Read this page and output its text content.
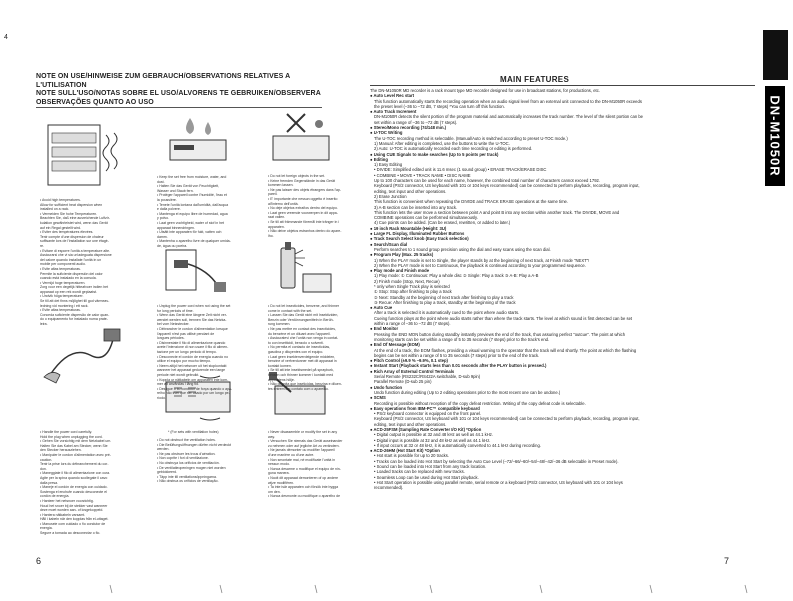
4
6	7
DN-M1050R
NOTE ON USE/HINWEISE ZUM GEBRAUCH/OBSERVATIONS RELATIVES A L'UTILISATION
NOTE SULL'USO/NOTAS SOBRE EL USO/ALVORENS TE GEBRUIKEN/OBSERVERA
OBSERVAÇÕES QUANTO AO USO
• Avoid high temperatures.
Allow for sufficient heat dispersion when
installed on a rack.
• Vermeiden Sie hohe Temperaturen.
Beachten Sie, daß eine ausreichende Luftzir-
kulation gewährleistet wird, wenn das Gerät
auf ein Regal gestellt wird.
• Eviter des températures élevées.
Tenir compte d'une dispersion de chaleur
suffisante lors de l'installation sur une étagè-
re.
• Evitare di esporre l'unità a temperature alte.
Assicurarsi che vi sia un'adeguata dispersione
del calore quando installate l'unità in un
mobile per componenti audio.
• Evite altas temperaturas.
Permite la suficiente dispersión del calor
cuando está instalado en la consola.
• Vermijd hoge temperaturen.
Zorg voor een degelijk hitteafvoer indien het
apparaat op een rek wordt geplaatst.
• Undvik höga temperaturer.
Se till att det finns möjlighet till god värmeav-
ledning vid montering i ett rack.
• Evite altas temperaturas.
Conceda suficiente dispersão de calor quan-
do o equipamento for instalado numa prate-
leira.
• Handle the power cord carefully.
Hold the plug when unplugging the cord.
• Gehen Sie vorsichtig mit dem Netzkabel um.
Halten Sie das Kabel am Stecker, wenn Sie
den Stecker herausziehen.
• Manipuler le cordon d'alimentation avec pré-
caution.
Tenir la prise lors du débranchement du cor-
don.
• Maneggiate il filo di alimentazione con cura.
Agite per la spina quando scollegate il cavo
dalla presa.
• Maneje el cordón de energía con cuidado.
Sostenga el enchufe cuando desconecte el
cordón de energía.
• Hanteer het netsnoer voorzichtig.
Houd het snoer bij de stekker vast wanneer
deze moet worden aan- of losgekoppeld.
• Hantera nätkabeln varsamt.
Håll i kabeln när den kopplas från el-uttaget.
• Manuseie com cuidado o fio condutor de
energia.
Segure a tomada ao desconectar o fio.
• Keep the set free from moisture, water, and
dust.
• Halten Sie das Gerät von Feuchtigkeit,
Wasser und Staub fern.
• Protéger l'appareil contre l'humidité, l'eau et
la poussière.
• Tenete l'unità lontana dall'umidità, dall'acqua
e dalla polvere.
• Mantenga el equipo libre de humedad, agua
y polvo.
• Laat geen vochtigheid, water of stof in het
apparaat binnendringen.
• Utsätt inte apparaten för fukt, vatten och
damm.
• Mantenha o aparelho livre de qualquer umida-
de, água ou poeira.
• Unplug the power cord when not using the set
for long periods of time.
• Wenn das Gerät eine längere Zeit nicht ver-
wendet werden soll, trennen Sie das Netzka-
bel vom Netzstecker.
• Débrancher le cordon d'alimentation lorsque
l'appareil n'est pas utilisé pendant de
longues périodes.
• Disinnestate il filo di alimentazione quando
avete l'intenzione di non usare il filo di alimen-
tazione per un lungo periodo di tempo.
• Desconecte el cordón de energía cuando no
utilice el equipo por mucho tiempo.
• Neem altijd het netsnoer uit het stopkontakt
wanneer het apparaat gedurende een lange
periode niet wordt gebruikt.
• Koppla ur nätkabeln om apparaten inte kom-
mer att användas i lång tid.
• Desligue o fio condutor de força quando o apa-
relho não tiver que ser usado por um longo pe-
ríodo.
* (For sets with ventilation holes)
• Do not obstruct the ventilation holes.
• Die Belüftungsöffnungen dürfen nicht verdeckt
werden.
• Ne pas obstruer les trous d'aération.
• Non coprite i fori di ventilazione.
• No obstruya los orificios de ventilación.
• De ventilatieopeningen mogen niet worden
geblokkeerd.
• Täpp inte till ventilationsöppningarna.
• Não obstrua os orifícios de ventilação.
• Do not let foreign objects in the set.
• Keine fremden Gegenstände in das Gerät
kommen lassen.
• Ne pas laisser des objets étrangers dans l'ap-
pareil.
• E' importante che nessun oggetto è inserito
all'interno dell'unità.
• No deje objetos extraños dentro del equipo.
• Laat geen vreemde voorwerpen in dit appa-
raat vallen.
• Se till att främmande föremål inte tränger in i
apparaten.
• Não deixe objetos estranhos dentro do apare-
lho.
• Do not let insecticides, benzene, and thinner
come in contact with the set.
• Lassen Sie das Gerät nicht mit Insektiziden,
Benzin oder Verdünnungsmitteln in Berüh-
rung kommen.
• Ne pas mettre en contact des insecticides,
du benzène et un diluant avec l'appareil.
• Assicuratevi che l'unità non venga in contat-
to con insetticidi, benzolo o solventi.
• No permita el contacto de insecticidas,
gasolina y diluyentes con el equipo.
• Laat geen insektenverdelgende middelen,
benzine of verfverdunner met dit apparaat in
kontakt komen.
• Se till att inte insektsmedel på sprayburk,
bensen och thinner kommer i kontakt med
apparatens hölje.
• Não permita que inseticidas, benzina e diluen-
tes entrem em contato com o aparelho.
• Never disassemble or modify the set in any
way.
• Versuchen Sie niemals das Gerät auseinander
zu nehmen oder auf jegliche Art zu verändern.
• Ne jamais démonter ou modifier l'appareil
d'une manière ou d'une autre.
• Non smontate mai, nè modificate l'unità in
nessun modo.
• Nunca desarme o modifique el equipo de nin-
guna manera.
• Nooit dit apparaat demonteren of op andere
wijze modifiëren.
• Ta inte isär apparaten och försök inte bygga
om den.
• Nunca desmonte ou modifique o aparelho de
MAIN FEATURES
The DN-M1050R MD recorder is a rack mount type MD recorder designed for use in broadcast stations, for productions, etc.
● Auto Level Rec start
This function automatically starts the recording operation when an audio signal level from an external unit connected to the DN-M1050R exceeds
the preset level (–36 to –72 dB, 7 steps) *You can turn off this function.
● Auto Track Increment
DN-M1050R detects the silent portion of the program material and automatically increases the track number. The level of the silent portion can be
set within a range of –36 to –72 dB (7 steps).
● Stereo/Mono recording (74/148 min.)
● U-TOC Writing
The U-TOC recording method is selectable. (Manual/Auto is switched according to preset U-TOC mode.)
1) Manual: After editing is completed, use the buttons to write the U-TOC.
2) Auto: U-TOC is automatically recorded each time recording or editing is performed.
● Using CUE Signals to make searches (Up to 5 points per track)
● Editing
1) Easy Editing
• DIVIDE: Simplified edited unit is 11.6 msec (1 sound group) • ERASE TRACK/ERASE DISC
• COMBINE • MOVE • TRACK NAME • DISC NAME
Up to 100 characters can be used for each name, however, the combined total number of characters cannot exceed 1792.
Keyboard (PS/2 connector, US keyboard with 101 or 104 keys recommended) can be connected to perform playback, recording, program input,
editing, text input and other operations.
2) Erase Junction
This function is convenient when repeating the DIVIDE and TRACK ERASE operations at the same time.
3) A-B section can be inserted into any track.
This function lets the user move a section between point A and point B into any section within another track. The DIVIDE, MOVE and
COMBINE operations can be performed simultaneously.
4) Cue points can be added. (Can be erased, rewritten, or added to later.)
● 19 inch Rack Mountable (Height: 3U)
● Large FL Display, Illuminated Rubber Buttons
● Track Search Select knob (Easy track selection)
● Search/Scan dial
Perform searches to 1 sound group precision using the dial and easy scans using the scan dial.
● Program Play (Max. 25 tracks)
1) When the PLAY mode is set to Single, the player stands by at the beginning of next track, at Finish mode "NEXT"!
2) When the PLAY mode is set to Continuous, the playback is continued according to your programmed sequence.
● Play mode and Finish mode
1) Play mode: ① Continuous: Play a whole disc ② Single: Play a track ③ A-B: Play a A-B
2) Finish mode (Stop, Next, Recue)
* only when Single Track play is selected
① Stop: Stop after finishing to play a track
② Next: Standby at the beginning of next track after finishing to play a track
③ Recue: After finishing to play a track, standby at the beginning of the track
● Auto Cue
After a track is selected it is automatically cued to the point where audio starts.
Cueing function plays at the point where audio starts rather than where the track starts. The level at which sound is first detected can be set
within a range of –36 to –72 dB (7 steps).
● End Monitor
Pressing the END MON button during standby instantly previews the end of the track, thus assuring perfect "outcue". The point at which
monitoring starts can be set within a range of 5 to 35 seconds (7 steps) prior to the track's end.
● End Of Message (EOM)
At the end of a track, the EOM flashes, providing a visual warning to the operator that the track will end shortly. The point at which the flashing
begins can be set within a range of 5 to 35 seconds (7 steps) prior to the end of the track.
● Pitch Control (±9.9 % –9.9%, 0.1 step)
● Instant Start (Playback starts less than 0.01 seconds after the PLAY button is pressed.)
● Rich Array of External Control Terminals
Serial Remote (RS232C/RS422A switchable, D-sub 9pin)
Parallel Remote (D-sub 25 pin)
● Undo function
Undo function during editing (Up to 2 editing operations prior to the most recent one can be undone.)
● SCMS
Recording is possible without reception of the copy defeat restriction. Writing of the copy defeat code is selectable.
● Easy operations from IBM-PC™ compatible keyboard
• PS/2 keyboard connector is equipped on the front panel.
Keyboard (PS/2 connector, US keyboard with 101 or 104 keys recommended) can be connected to perform playback, recording, program input,
editing, text input and other operations.
● ACD-25FSM (Sampling Rate Converter I/O Kit) *Option
• Digital output is possible at 32 and 48 kHz as well as 44.1 kHz.
• Digital input is possible at 32 and 48 kHz as well as 44.1 kHz.
• If input occurs at 32 or 48 kHz, it is automatically converted to 44.1 kHz during recording.
● ACD-26HM (Hot Start Kit) *Option
• Hot start is possible for up to 20 tracks.
• Tracks can be loaded into Hot Start by selecting the Auto Cue Level (–72/–66/–60/–54/–48/–42/–36 dB selectable in Preset mode).
• Sound can be loaded into Hot Start from any track location.
• Loaded tracks can be replaced with new tracks.
• Seamless Loop can be used during Hot Start playback.
• Hot Start operation is possible using parallel remote, serial remote or a keyboard (PS/2 connector, US keyboard with 101 or 104 keys
recommended).
